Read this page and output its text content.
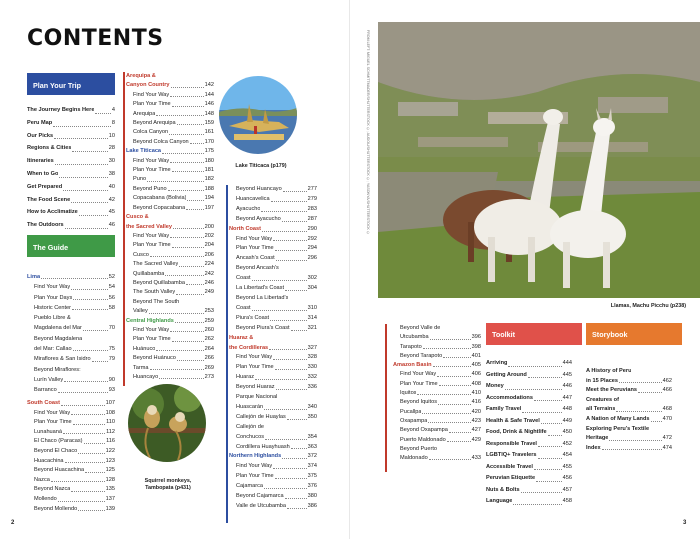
CONTENTS
Plan Your Trip
The Journey Begins Here	4
Peru Map	8
Our Picks	10
Regions & Cities	28
Itineraries	30
When to Go	38
Get Prepared	40
The Food Scene	42
How to Acclimatize	45
The Outdoors	46
The Guide
Lima	52
Find Your Way	54
Plan Your Days	56
Historic Center	58
Pueblo Libre &
Magdalena del Mar	70
Beyond Magdalena
del Mar: Callao	75
Miraflores & San Isidro	79
Beyond Miraflores:
Lurín Valley	90
Barranco	93
South Coast	107
Find Your Way	108
Plan Your Time	110
Lunahuaná	112
El Chaco (Paracas)	116
Beyond El Chaco	122
Huacachina	123
Beyond Huacachina	125
Nazca	128
Beyond Nazca	135
Mollendo	137
Beyond Mollendo	139
Arequipa &
Canyon Country	142
Find Your Way	144
Plan Your Time	146
Arequipa	148
Beyond Arequipa	159
Colca Canyon	161
Beyond Colca Canyon	170
Lake Titicaca	175
Find Your Way	180
Plan Your Time	181
Puno	182
Beyond Puno	188
Copacabana (Bolivia)	194
Beyond Copacabana	197
Cusco &
the Sacred Valley	200
Find Your Way	202
Plan Your Time	204
Cusco	206
The Sacred Valley	224
Quillabamba	242
Beyond Quillabamba	246
The South Valley	249
Beyond The South
Valley	253
Central Highlands	259
Find Your Way	260
Plan Your Time	262
Huánuco	264
Beyond Huánuco	266
Tarma	269
Huancayo	273
Beyond Huancayo	277
Huancavelica	279
Ayacucho	283
Beyond Ayacucho	287
North Coast	290
Find Your Way	292
Plan Your Time	294
Ancash's Coast	296
Beyond Ancash's
Coast	302
La Libertad's Coast	304
Beyond La Libertad's
Coast	310
Piura's Coast	314
Beyond Piura's Coast	321
Huaraz &
the Cordilleras	327
Find Your Way	328
Plan Your Time	330
Huaraz	332
Beyond Huaraz	336
Parque Nacional
Huascarán	340
Callejón de Huaylas	350
Callejón de
Conchucos	354
Cordillera Huayhuash	363
Northern Highlands	372
Find Your Way	374
Plan Your Time	375
Cajamarca	376
Beyond Cajamarca	380
Valle de Utcubamba	386
Lake Titicaca (p179)
Squirrel monkeys,
Tambopata (p431)
2
Beyond Valle de
Utcubamba	396
Tarapoto	398
Beyond Tarapoto	401
Amazon Basin	405
Find Your Way	406
Plan Your Time	408
Iquitos	410
Beyond Iquitos	416
Pucallpa	420
Oxapampa	423
Beyond Oxapampa	427
Puerto Maldonado	429
Beyond Puerto
Maldonado	433
3
FROM LEFT: MIGUEL SCHMITTMADER/SHUTTERSTOCK ©; AUDOU/SHUTTERSTOCK ©; YASONYA/SHUTTERSTOCK ©
Llamas, Machu Picchu (p238)
Toolkit
Arriving	444
Getting Around	445
Money	446
Accommodations	447
Family Travel	448
Health & Safe Travel	449
Food, Drink & Nightlife	450
Responsible Travel	452
LGBTIQ+ Travelers	454
Accessible Travel	455
Peruvian Etiquette	456
Nuts & Bolts	457
Language	458
Storybook
A History of Peru
in 15 Places	462
Meet the Peruvians	466
Creatures of
all Terrains	468
A Nation of Many Lands 470
Exploring Peru's Textile
Heritage	472
Index	474
